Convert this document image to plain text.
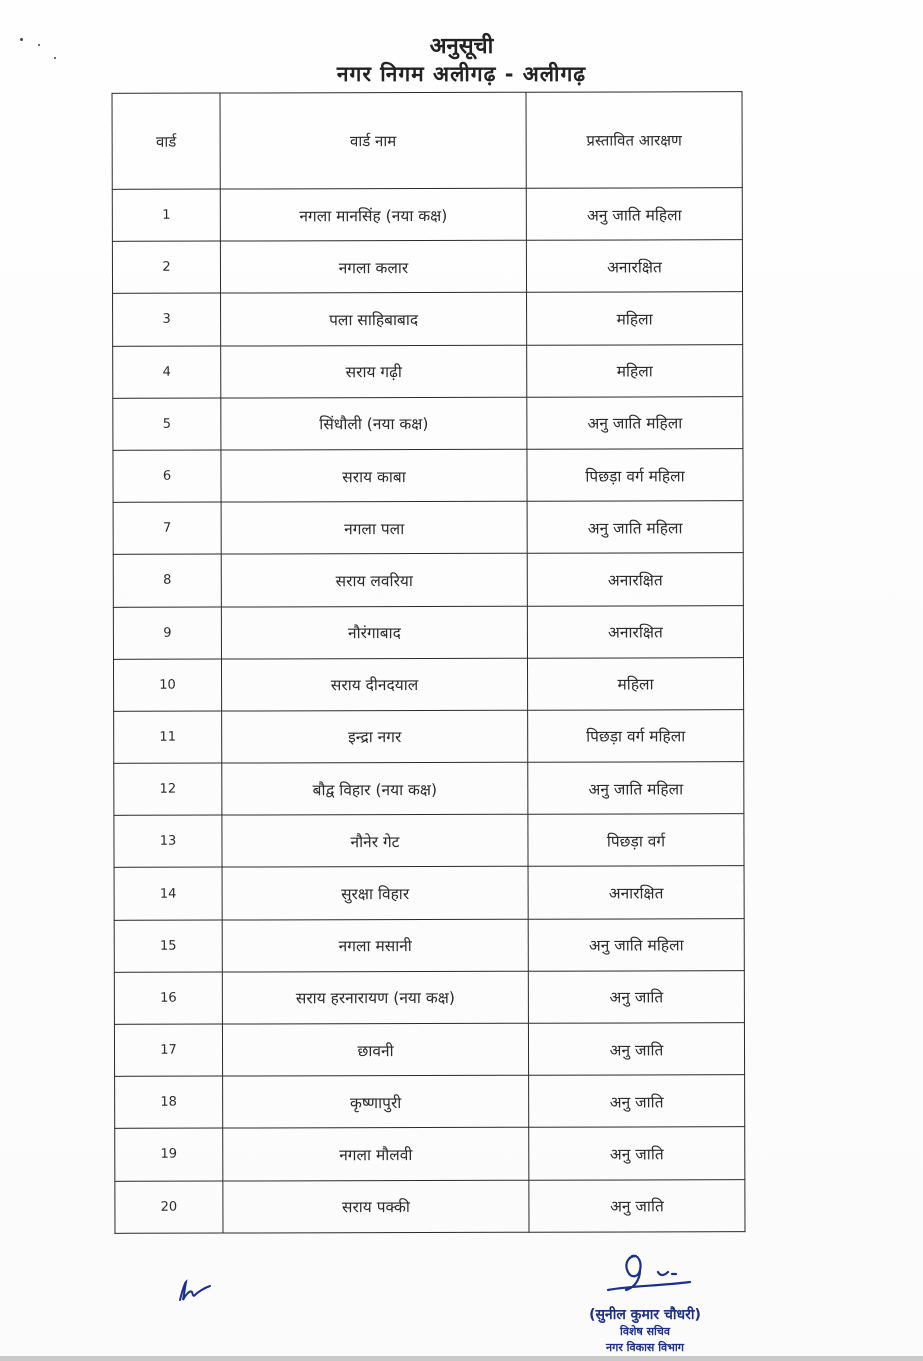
अनुसूची
नगर निगम अलीगढ़ - अलीगढ़
वार्ड	वार्ड नाम	प्रस्तावित आरक्षण
1	नगला मानसिंह (नया कक्ष)	अनु जाति महिला
2	नगला कलार	अनारक्षित
3	पला साहिबाबाद	महिला
4	सराय गढ़ी	महिला
5	सिंधौली (नया कक्ष)	अनु जाति महिला
6	सराय काबा	पिछड़ा वर्ग महिला
7	नगला पला	अनु जाति महिला
8	सराय लवरिया	अनारक्षित
9	नौरंगाबाद	अनारक्षित
10	सराय दीनदयाल	महिला
11	इन्द्रा नगर	पिछड़ा वर्ग महिला
12	बौद्व विहार (नया कक्ष)	अनु जाति महिला
13	नौनेर गेट	पिछड़ा वर्ग
14	सुरक्षा विहार	अनारक्षित
15	नगला मसानी	अनु जाति महिला
16	सराय हरनारायण (नया कक्ष)	अनु जाति
17	छावनी	अनु जाति
18	कृष्णापुरी	अनु जाति
19	नगला मौलवी	अनु जाति
20	सराय पक्की	अनु जाति
(सुनील कुमार चौधरी)
विशेष सचिव
नगर विकास विभाग
